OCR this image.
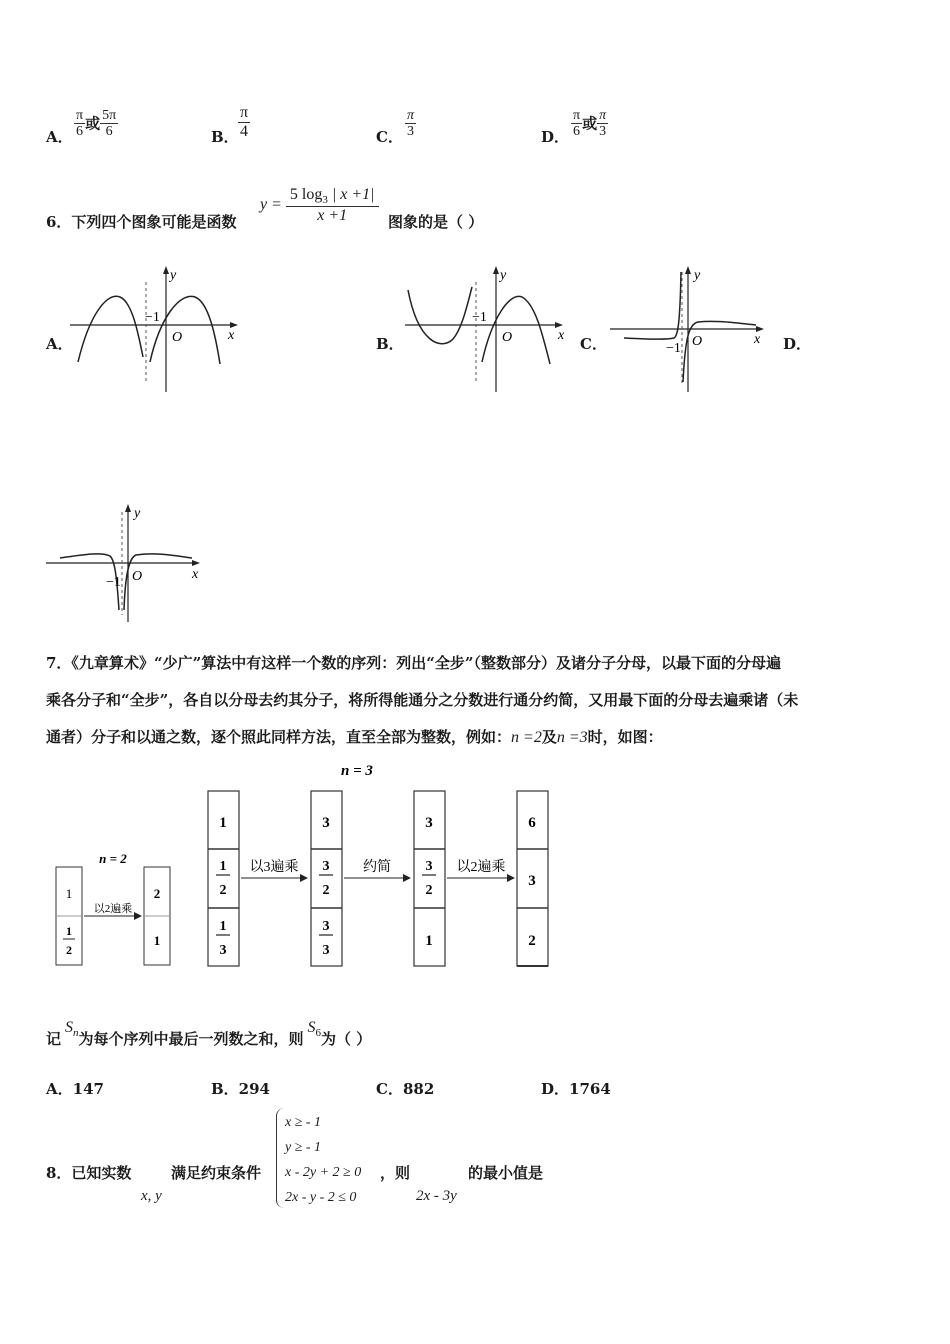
A． $\frac{\pi}{6}$ 或 $\frac{5\pi}{6}$	B． $\frac{\pi}{4}$	C． $\frac{\pi}{3}$	D． $\frac{\pi}{6}$ 或 $\frac{\pi}{3}$
6．下列四个图象可能是函数
$y = \frac{5 \log_3 | x +1|}{x +1}$ 图象的是（ ）
A．	B．	C．	D．
y
x
O
−1
y
x
O
−1
y
x
O
−1
y
x
O
−1
7．《九章算术》“少广”算法中有这样一个数的序列：列出“全步”（整数部分）及诸分子分母，以最下面的分母遍
乘各分子和“全步”，各自以分母去约其分子，将所得能通分之分数进行通分约简，又用最下面的分母去遍乘诸（未
通者）分子和以通之数，逐个照此同样方法，直至全部为整数，例如：n =2及n =3时，如图：
n = 3
n = 2
1
1
2
以2遍乘
2
1
1
1
2
1
3
以3遍乘
3
3
2
3
3
约简
3
3
2
1
以2遍乘
6
3
2
记
$S_n$ 为每个序列中最后一列数之和，则
$S_6$ 为（ ）
A．147	B．294	C．882	D．1764
8．已知实数
x, y
满足约束条件
x ≥ - 1
y ≥ - 1
x - 2y + 2 ≥ 0
2x - y - 2 ≤ 0
，则
2x - 3y
的最小值是
